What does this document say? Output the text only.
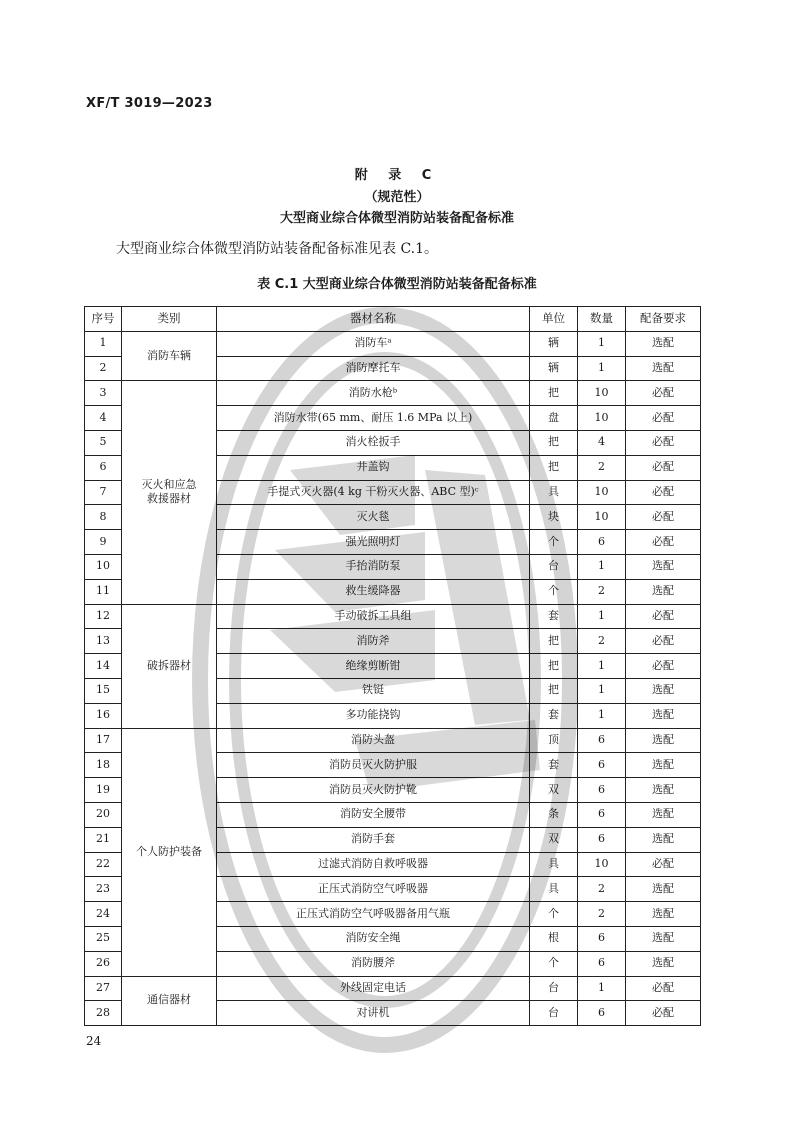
XF/T 3019—2023
附 录 C
（规范性）
大型商业综合体微型消防站装备配备标准
大型商业综合体微型消防站装备配备标准见表 C.1。
表 C.1 大型商业综合体微型消防站装备配备标准
序号	类别	器材名称	单位	数量	配备要求
1	消防车辆	消防车ᵃ	辆	1	选配
2		消防摩托车	辆	1	选配
3	灭火和应急
救援器材	消防水枪ᵇ	把	10	必配
4		消防水带(65 mm、耐压 1.6 MPa 以上)	盘	10	必配
5		消火栓扳手	把	4	必配
6		井盖钩	把	2	必配
7		手提式灭火器(4 kg 干粉灭火器、ABC 型)ᶜ	具	10	必配
8		灭火毯	块	10	必配
9		强光照明灯	个	6	必配
10		手抬消防泵	台	1	选配
11		救生缓降器	个	2	选配
12	破拆器材	手动破拆工具组	套	1	必配
13		消防斧	把	2	必配
14		绝缘剪断钳	把	1	必配
15		铁铤	把	1	选配
16		多功能挠钩	套	1	选配
17	个人防护装备	消防头盔	顶	6	选配
18		消防员灭火防护服	套	6	选配
19		消防员灭火防护靴	双	6	选配
20		消防安全腰带	条	6	选配
21		消防手套	双	6	选配
22		过滤式消防自救呼吸器	具	10	必配
23		正压式消防空气呼吸器	具	2	选配
24		正压式消防空气呼吸器备用气瓶	个	2	选配
25		消防安全绳	根	6	选配
26		消防腰斧	个	6	选配
27	通信器材	外线固定电话	台	1	必配
28		对讲机	台	6	必配
24
